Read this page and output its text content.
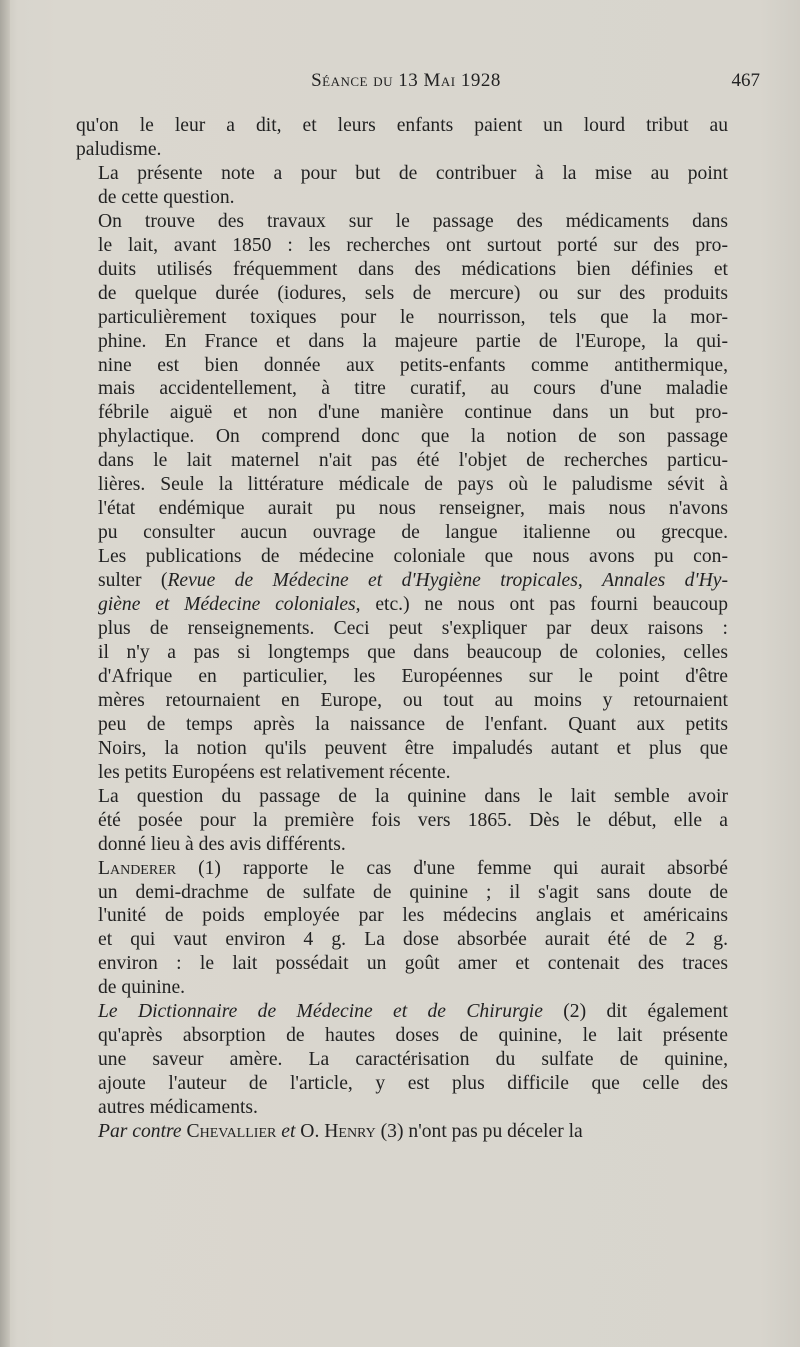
Séance du 13 Mai 1928	467
qu'on le leur a dit, et leurs enfants paient un lourd tribut au
paludisme.
La présente note a pour but de contribuer à la mise au point
de cette question.
On trouve des travaux sur le passage des médicaments dans
le lait, avant 1850 : les recherches ont surtout porté sur des pro-
duits utilisés fréquemment dans des médications bien définies et
de quelque durée (iodures, sels de mercure) ou sur des produits
particulièrement toxiques pour le nourrisson, tels que la mor-
phine. En France et dans la majeure partie de l'Europe, la qui-
nine est bien donnée aux petits-enfants comme antithermique,
mais accidentellement, à titre curatif, au cours d'une maladie
fébrile aiguë et non d'une manière continue dans un but pro-
phylactique. On comprend donc que la notion de son passage
dans le lait maternel n'ait pas été l'objet de recherches particu-
lières. Seule la littérature médicale de pays où le paludisme sévit à
l'état endémique aurait pu nous renseigner, mais nous n'avons
pu consulter aucun ouvrage de langue italienne ou grecque.
Les publications de médecine coloniale que nous avons pu con-
sulter (Revue de Médecine et d'Hygiène tropicales, Annales d'Hy-
giène et Médecine coloniales, etc.) ne nous ont pas fourni beaucoup
plus de renseignements. Ceci peut s'expliquer par deux raisons :
il n'y a pas si longtemps que dans beaucoup de colonies, celles
d'Afrique en particulier, les Européennes sur le point d'être
mères retournaient en Europe, ou tout au moins y retournaient
peu de temps après la naissance de l'enfant. Quant aux petits
Noirs, la notion qu'ils peuvent être impaludés autant et plus que
les petits Européens est relativement récente.
La question du passage de la quinine dans le lait semble avoir
été posée pour la première fois vers 1865. Dès le début, elle a
donné lieu à des avis différents.
Landerer (1) rapporte le cas d'une femme qui aurait absorbé
un demi-drachme de sulfate de quinine ; il s'agit sans doute de
l'unité de poids employée par les médecins anglais et américains
et qui vaut environ 4 g. La dose absorbée aurait été de 2 g.
environ : le lait possédait un goût amer et contenait des traces
de quinine.
Le Dictionnaire de Médecine et de Chirurgie (2) dit également
qu'après absorption de hautes doses de quinine, le lait présente
une saveur amère. La caractérisation du sulfate de quinine,
ajoute l'auteur de l'article, y est plus difficile que celle des
autres médicaments.
Par contre Chevallier et O. Henry (3) n'ont pas pu déceler la
